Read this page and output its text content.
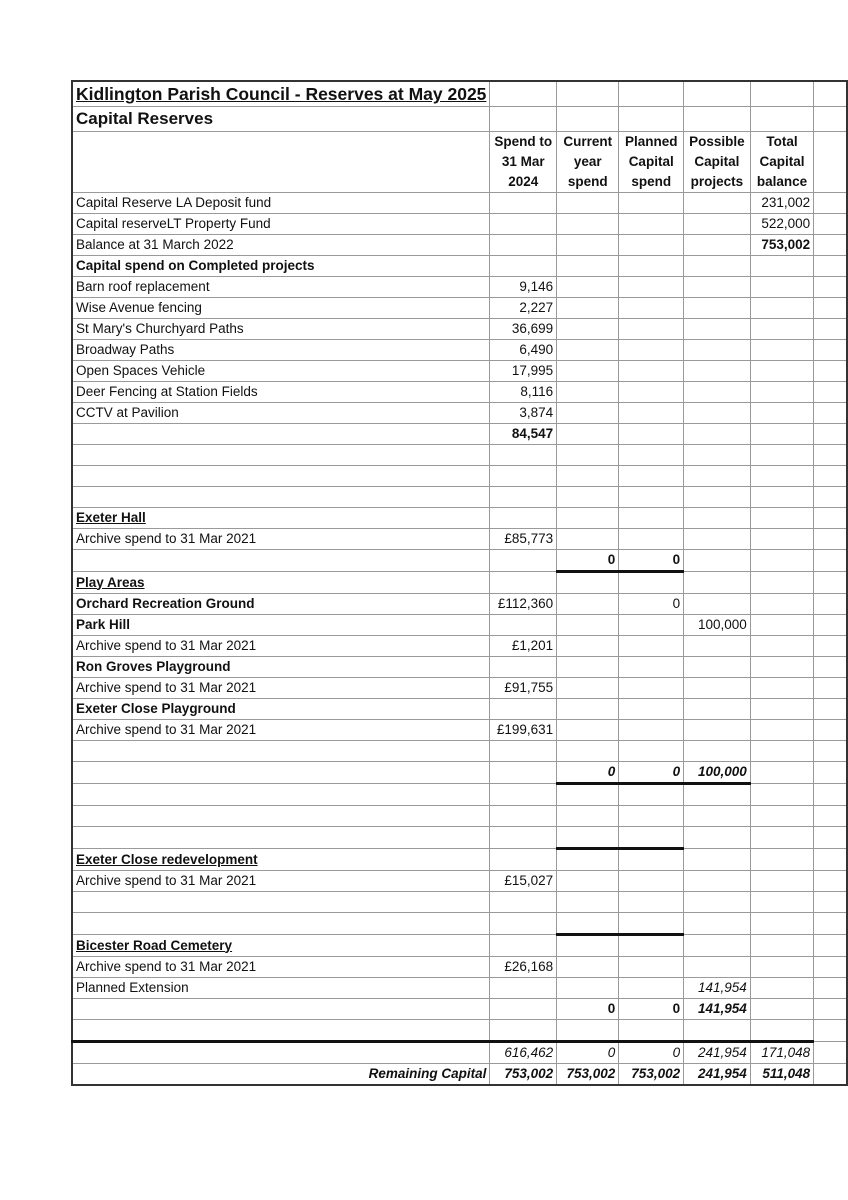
Kidlington Parish Council - Reserves at May 2025						
Capital Reserves						
	Spend to 31 Mar 2024	Current year spend	Planned Capital spend	Possible Capital projects	Total Capital balance	
Capital Reserve LA Deposit fund					231,002	
Capital reserveLT Property Fund					522,000	
Balance at 31 March 2022					753,002	
Capital spend on Completed projects						
Barn roof replacement	9,146					
Wise Avenue fencing	2,227					
St Mary's Churchyard Paths	36,699					
Broadway Paths	6,490					
Open Spaces Vehicle	17,995					
Deer Fencing at Station Fields	8,116					
CCTV at Pavilion	3,874					
	84,547					

Exeter Hall						
Archive spend to 31 Mar 2021	£85,773					
		0	0			
Play Areas						
Orchard Recreation Ground	£112,360		0			
Park Hill				100,000		
Archive spend to 31 Mar 2021	£1,201					
Ron Groves Playground						
Archive spend to 31 Mar 2021	£91,755					
Exeter Close Playground						
Archive spend to 31 Mar 2021	£199,631					

		0	0	100,000		

Exeter Close redevelopment						
Archive spend to 31 Mar 2021	£15,027					

Bicester Road Cemetery						
Archive spend to 31 Mar 2021	£26,168					
Planned Extension				141,954		
		0	0	141,954		

	616,462	0	0	241,954	171,048	
Remaining Capital	753,002	753,002	753,002	241,954	511,048	
